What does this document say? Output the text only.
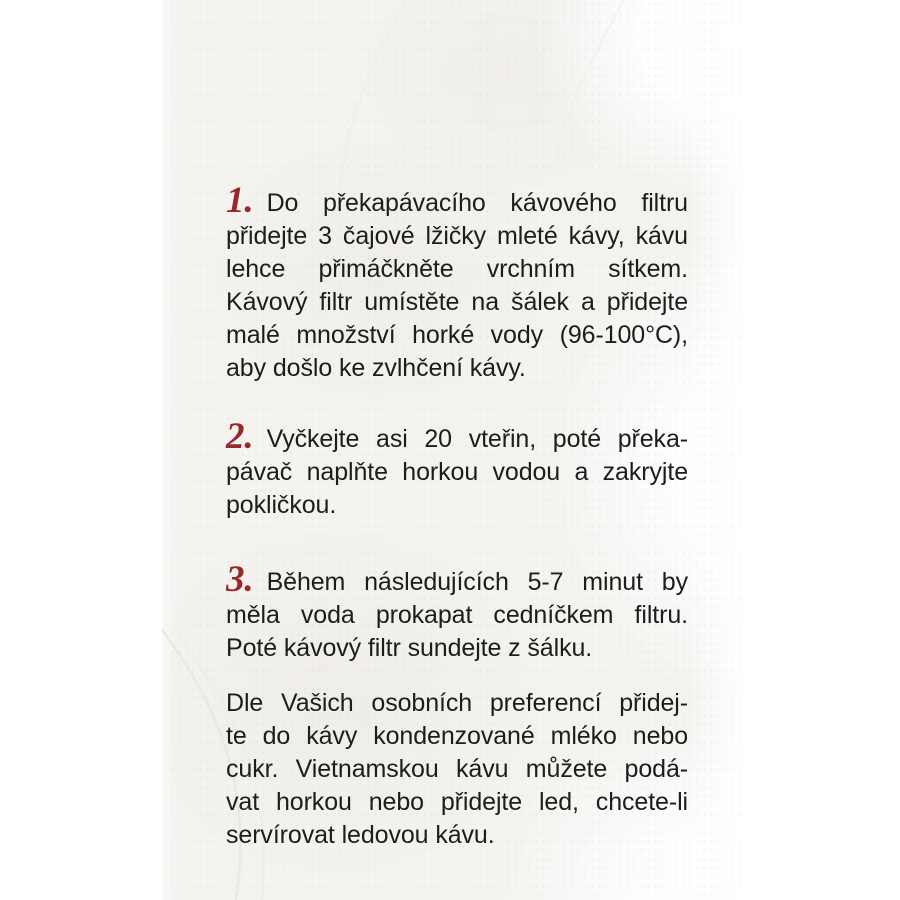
1. Do překapávacího kávového filtru
přidejte 3 čajové lžičky mleté kávy, kávu
lehce přimáčkněte vrchním sítkem.
Kávový filtr umístěte na šálek a přidejte
malé množství horké vody (96-100°C),
aby došlo ke zvlhčení kávy.
2. Vyčkejte asi 20 vteřin, poté překa-
pávač naplňte horkou vodou a zakryjte
pokličkou.
3. Během následujících 5-7 minut by
měla voda prokapat cedníčkem filtru.
Poté kávový filtr sundejte z šálku.
Dle Vašich osobních preferencí přidej-
te do kávy kondenzované mléko nebo
cukr. Vietnamskou kávu můžete podá-
vat horkou nebo přidejte led, chcete-li
servírovat ledovou kávu.
